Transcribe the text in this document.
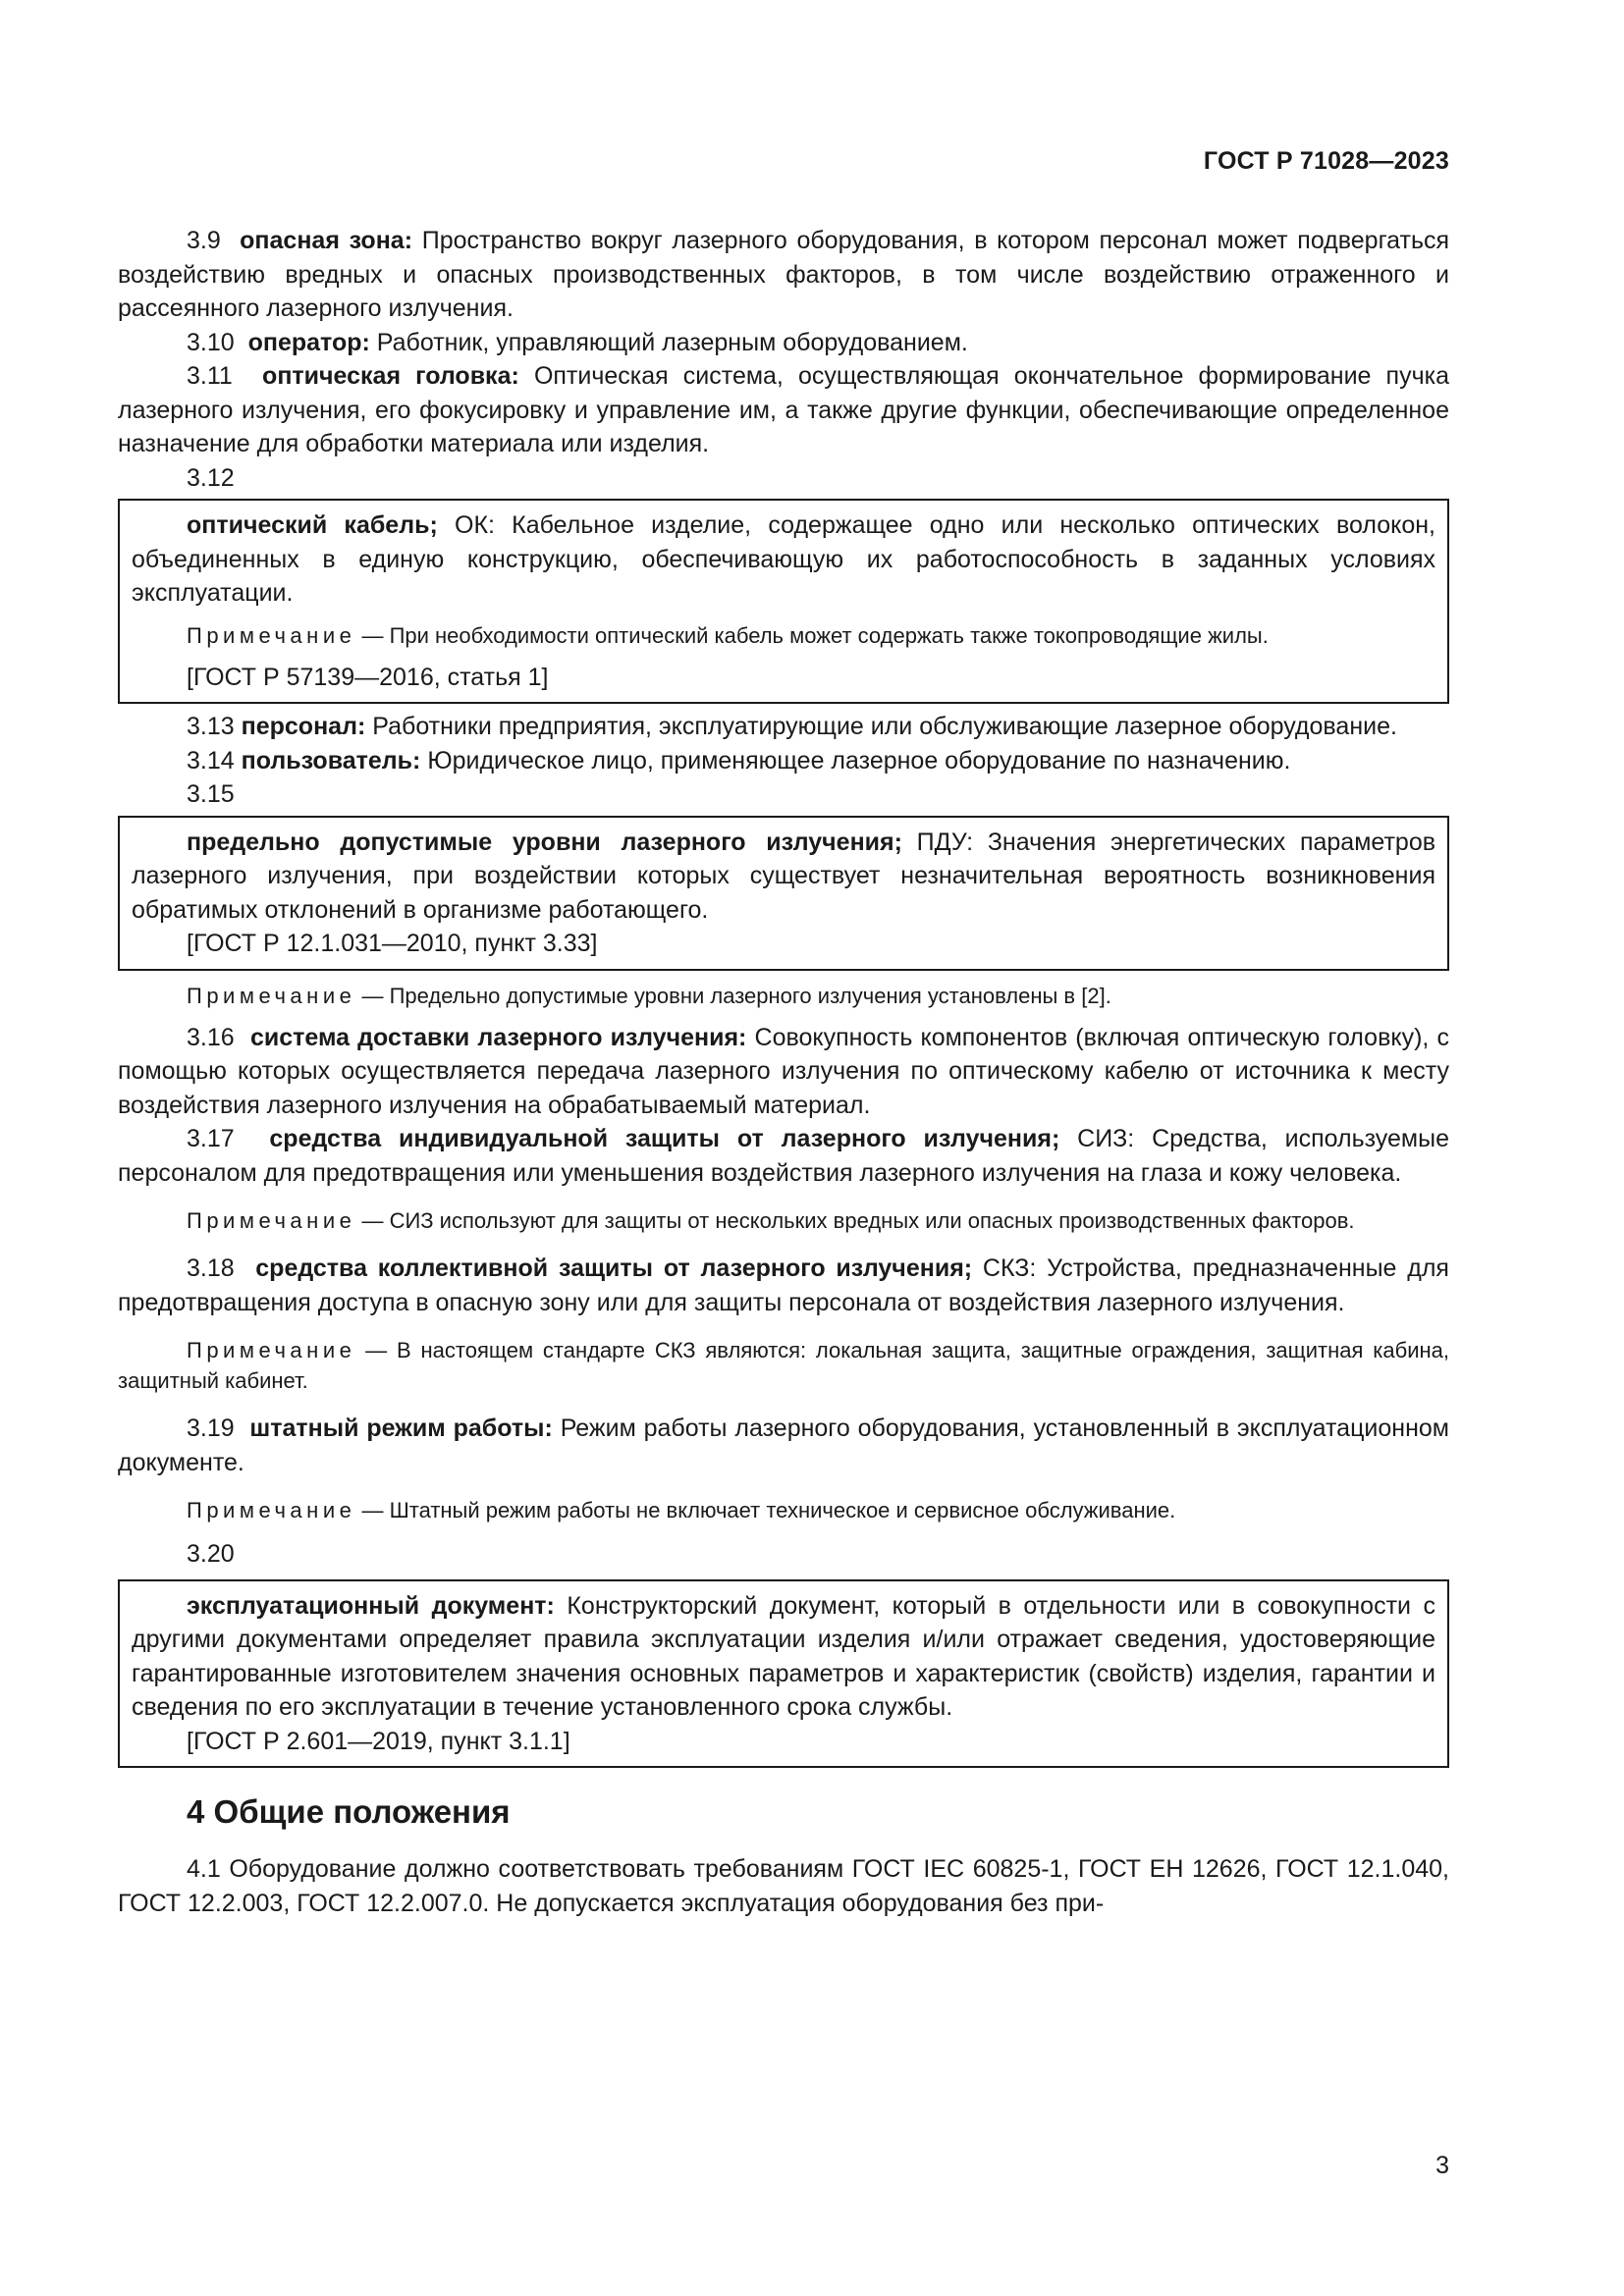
ГОСТ Р 71028—2023

3.9 опасная зона: Пространство вокруг лазерного оборудования, в котором персонал может подвергаться воздействию вредных и опасных производственных факторов, в том числе воздействию отраженного и рассеянного лазерного излучения.

3.10 оператор: Работник, управляющий лазерным оборудованием.

3.11 оптическая головка: Оптическая система, осуществляющая окончательное формирование пучка лазерного излучения, его фокусировку и управление им, а также другие функции, обеспечивающие определенное назначение для обработки материала или изделия.

3.12

оптический кабель; ОК: Кабельное изделие, содержащее одно или несколько оптических волокон, объединенных в единую конструкцию, обеспечивающую их работоспособность в заданных условиях эксплуатации.

Примечание — При необходимости оптический кабель может содержать также токопроводящие жилы.
[ГОСТ Р 57139—2016, статья 1]

3.13 персонал: Работники предприятия, эксплуатирующие или обслуживающие лазерное оборудование.

3.14 пользователь: Юридическое лицо, применяющее лазерное оборудование по назначению.

3.15

предельно допустимые уровни лазерного излучения; ПДУ: Значения энергетических параметров лазерного излучения, при воздействии которых существует незначительная вероятность возникновения обратимых отклонений в организме работающего.

[ГОСТ Р 12.1.031—2010, пункт 3.33]
Примечание — Предельно допустимые уровни лазерного излучения установлены в [2].

3.16 система доставки лазерного излучения: Совокупность компонентов (включая оптическую головку), с помощью которых осуществляется передача лазерного излучения по оптическому кабелю от источника к месту воздействия лазерного излучения на обрабатываемый материал.

3.17 средства индивидуальной защиты от лазерного излучения; СИЗ: Средства, используемые персоналом для предотвращения или уменьшения воздействия лазерного излучения на глаза и кожу человека.

Примечание — СИЗ используют для защиты от нескольких вредных или опасных производственных факторов.

3.18 средства коллективной защиты от лазерного излучения; СКЗ: Устройства, предназначенные для предотвращения доступа в опасную зону или для защиты персонала от воздействия лазерного излучения.

Примечание — В настоящем стандарте СКЗ являются: локальная защита, защитные ограждения, защитная кабина, защитный кабинет.

3.19 штатный режим работы: Режим работы лазерного оборудования, установленный в эксплуатационном документе.

Примечание — Штатный режим работы не включает техническое и сервисное обслуживание.

3.20

эксплуатационный документ: Конструкторский документ, который в отдельности или в совокупности с другими документами определяет правила эксплуатации изделия и/или отражает сведения, удостоверяющие гарантированные изготовителем значения основных параметров и характеристик (свойств) изделия, гарантии и сведения по его эксплуатации в течение установленного срока службы.

[ГОСТ Р 2.601—2019, пункт 3.1.1]
4 Общие положения

4.1 Оборудование должно соответствовать требованиям ГОСТ IEC 60825-1, ГОСТ ЕН 12626, ГОСТ 12.1.040, ГОСТ 12.2.003, ГОСТ 12.2.007.0. Не допускается эксплуатация оборудования без при-

3
